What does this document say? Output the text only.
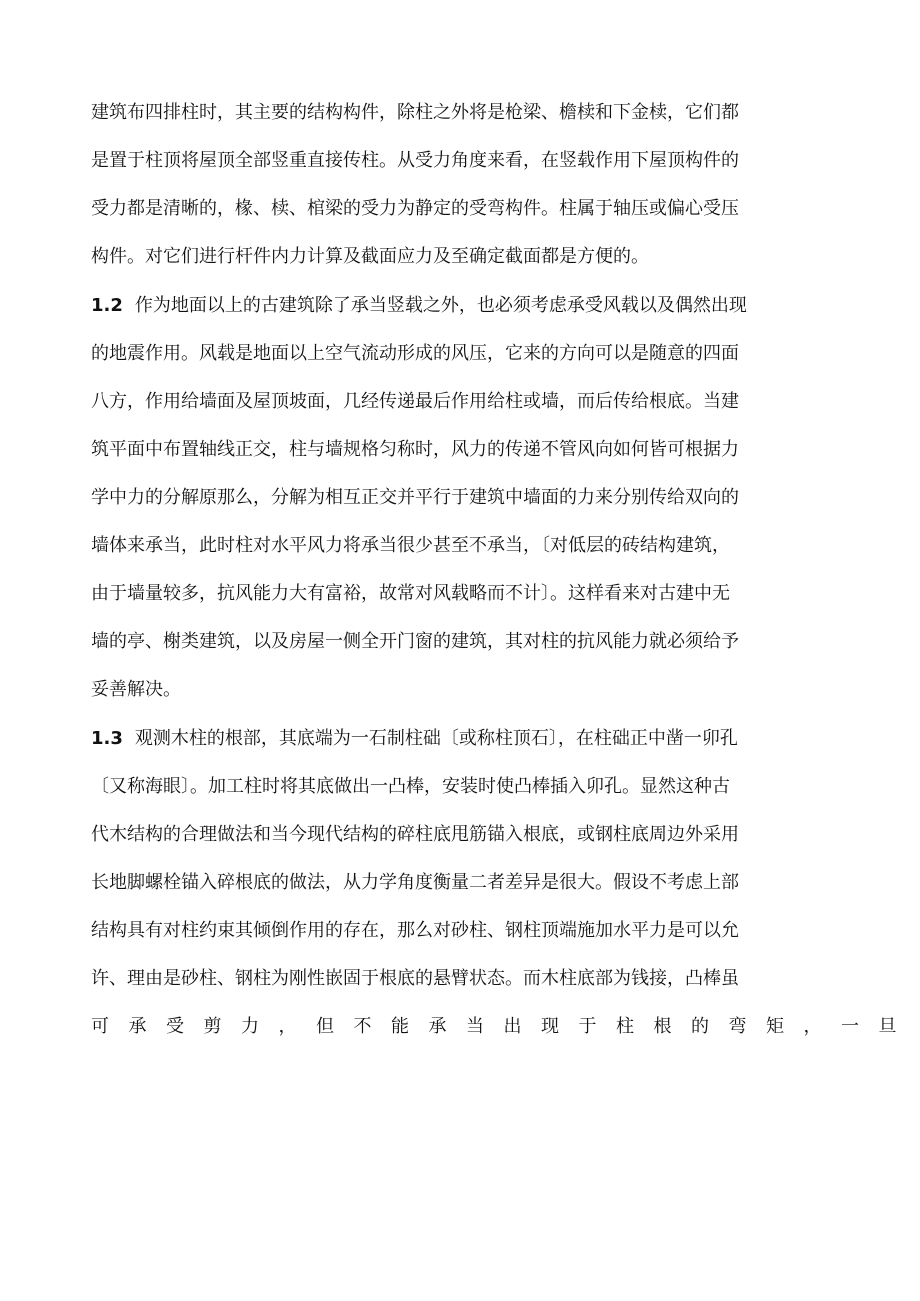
建筑布四排柱时，其主要的结构构件，除柱之外将是枪梁、檐椟和下金椟，它们都
是置于柱顶将屋顶全部竖重直接传柱。从受力角度来看，在竖载作用下屋顶构件的
受力都是清晰的，椽、椟、棺梁的受力为静定的受弯构件。柱属于轴压或偏心受压
构件。对它们进行杆件内力计算及截面应力及至确定截面都是方便的。
1.2 作为地面以上的古建筑除了承当竖载之外，也必须考虑承受风载以及偶然出现
的地震作用。风载是地面以上空气流动形成的风压，它来的方向可以是随意的四面
八方，作用给墙面及屋顶坡面，几经传递最后作用给柱或墙，而后传给根底。当建
筑平面中布置轴线正交，柱与墙规格匀称时，风力的传递不管风向如何皆可根据力
学中力的分解原那么，分解为相互正交并平行于建筑中墙面的力来分别传给双向的
墙体来承当，此时柱对水平风力将承当很少甚至不承当，〔对低层的砖结构建筑，
由于墙量较多，抗风能力大有富裕，故常对风载略而不计〕。这样看来对古建中无
墙的亭、榭类建筑，以及房屋一侧全开门窗的建筑，其对柱的抗风能力就必须给予
妥善解决。
1.3 观测木柱的根部，其底端为一石制柱础〔或称柱顶石〕，在柱础正中凿一卯孔
〔又称海眼〕。加工柱时将其底做出一凸棒，安装时使凸棒插入卯孔。显然这种古
代木结构的合理做法和当今现代结构的碎柱底甩筋锚入根底，或钢柱底周边外采用
长地脚螺栓锚入碎根底的做法，从力学角度衡量二者差异是很大。假设不考虑上部
结构具有对柱约束其倾倒作用的存在，那么对砂柱、钢柱顶端施加水平力是可以允
许、理由是砂柱、钢柱为刚性嵌固于根底的悬臂状态。而木柱底部为钱接，凸棒虽
可承受剪力，但不能承当出现于柱根的弯矩，一旦
